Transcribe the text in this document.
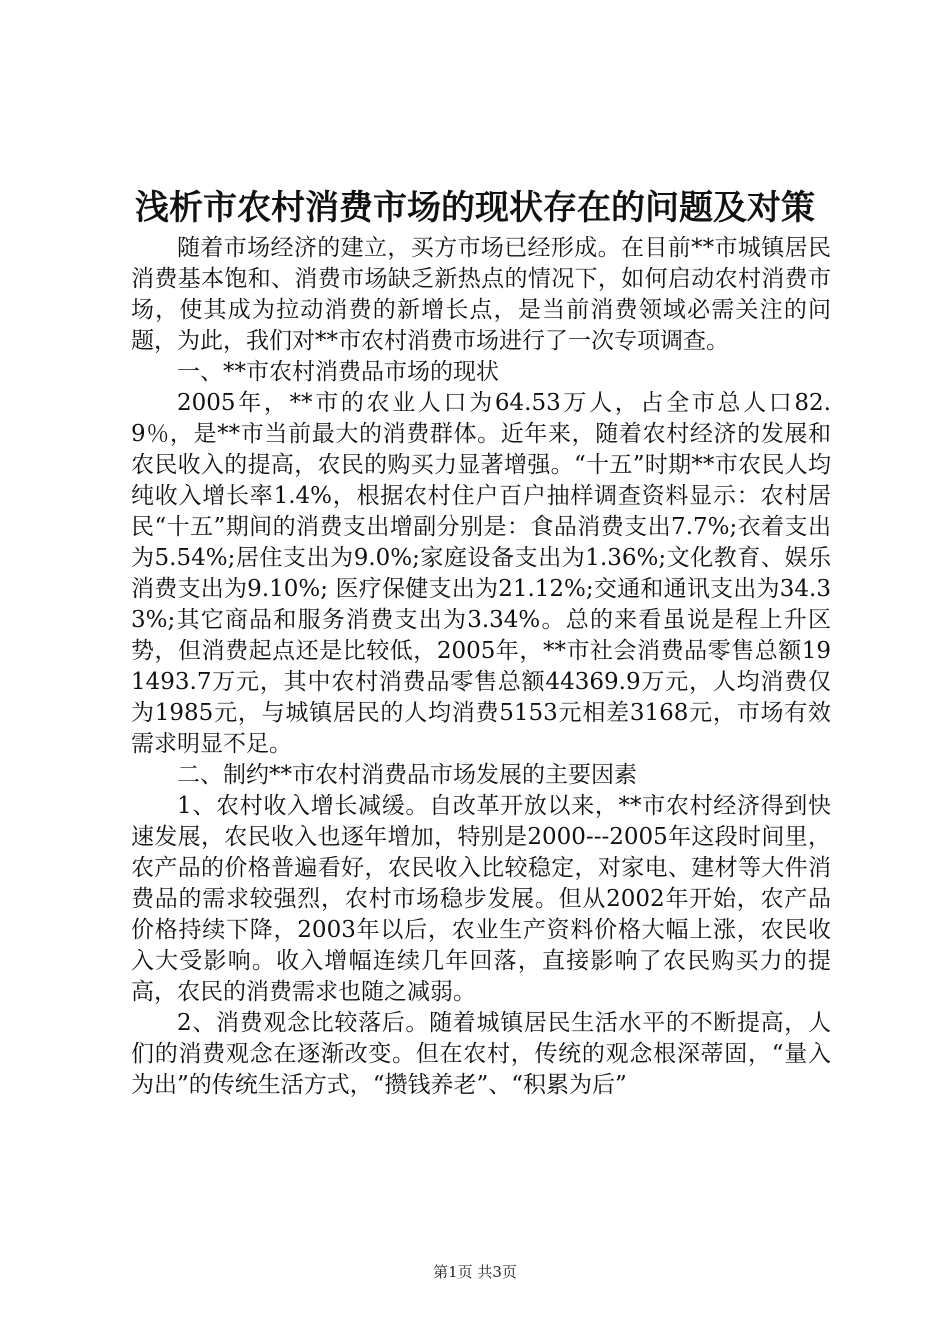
浅析市农村消费市场的现状存在的问题及对策

随着市场经济的建立，买方市场已经形成。在目前**市城镇居民消费基本饱和、消费市场缺乏新热点的情况下，如何启动农村消费市场，使其成为拉动消费的新增长点，是当前消费领域必需关注的问题，为此，我们对**市农村消费市场进行了一次专项调查。

一、**市农村消费品市场的现状

2005年，**市的农业人口为64.53万人，占全市总人口82.9％，是**市当前最大的消费群体。近年来，随着农村经济的发展和农民收入的提高，农民的购买力显著增强。“十五”时期**市农民人均纯收入增长率1.4%，根据农村住户百户抽样调查资料显示：农村居民“十五”期间的消费支出增副分别是：食品消费支出7.7%;衣着支出为5.54%;居住支出为9.0%;家庭设备支出为1.36%;文化教育、娱乐消费支出为9.10%; 医疗保健支出为21.12%;交通和通讯支出为34.33%;其它商品和服务消费支出为3.34%。总的来看虽说是程上升区势，但消费起点还是比较低，2005年，**市社会消费品零售总额191493.7万元，其中农村消费品零售总额44369.9万元，人均消费仅为1985元，与城镇居民的人均消费5153元相差3168元，市场有效需求明显不足。

二、制约**市农村消费品市场发展的主要因素

1、农村收入增长减缓。自改革开放以来，**市农村经济得到快速发展，农民收入也逐年增加，特别是2000---2005年这段时间里，农产品的价格普遍看好，农民收入比较稳定，对家电、建材等大件消费品的需求较强烈，农村市场稳步发展。但从2002年开始，农产品价格持续下降，2003年以后，农业生产资料价格大幅上涨，农民收入大受影响。收入增幅连续几年回落，直接影响了农民购买力的提高，农民的消费需求也随之减弱。

2、消费观念比较落后。随着城镇居民生活水平的不断提高，人们的消费观念在逐渐改变。但在农村，传统的观念根深蒂固，“量入为出”的传统生活方式，“攒钱养老”、“积累为后”

第1页 共3页
